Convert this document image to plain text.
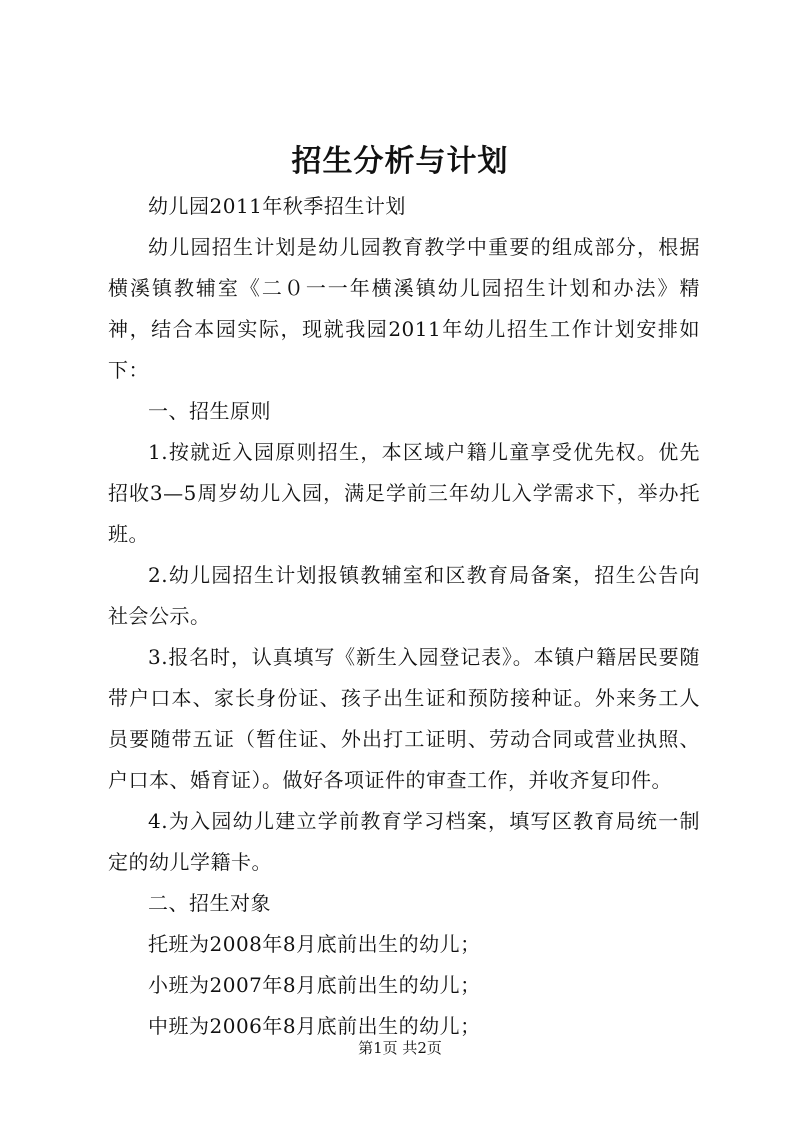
招生分析与计划

幼儿园2011年秋季招生计划

幼儿园招生计划是幼儿园教育教学中重要的组成部分，根据横溪镇教辅室《二０一一年横溪镇幼儿园招生计划和办法》精神，结合本园实际，现就我园2011年幼儿招生工作计划安排如下：

一、招生原则

1.按就近入园原则招生，本区域户籍儿童享受优先权。优先招收3—5周岁幼儿入园，满足学前三年幼儿入学需求下，举办托班。

2.幼儿园招生计划报镇教辅室和区教育局备案，招生公告向社会公示。

3.报名时，认真填写《新生入园登记表》。本镇户籍居民要随带户口本、家长身份证、孩子出生证和预防接种证。外来务工人员要随带五证（暂住证、外出打工证明、劳动合同或营业执照、户口本、婚育证）。做好各项证件的审查工作，并收齐复印件。

4.为入园幼儿建立学前教育学习档案，填写区教育局统一制定的幼儿学籍卡。

二、招生对象

托班为2008年8月底前出生的幼儿；

小班为2007年8月底前出生的幼儿；

中班为2006年8月底前出生的幼儿；

第1页 共2页
